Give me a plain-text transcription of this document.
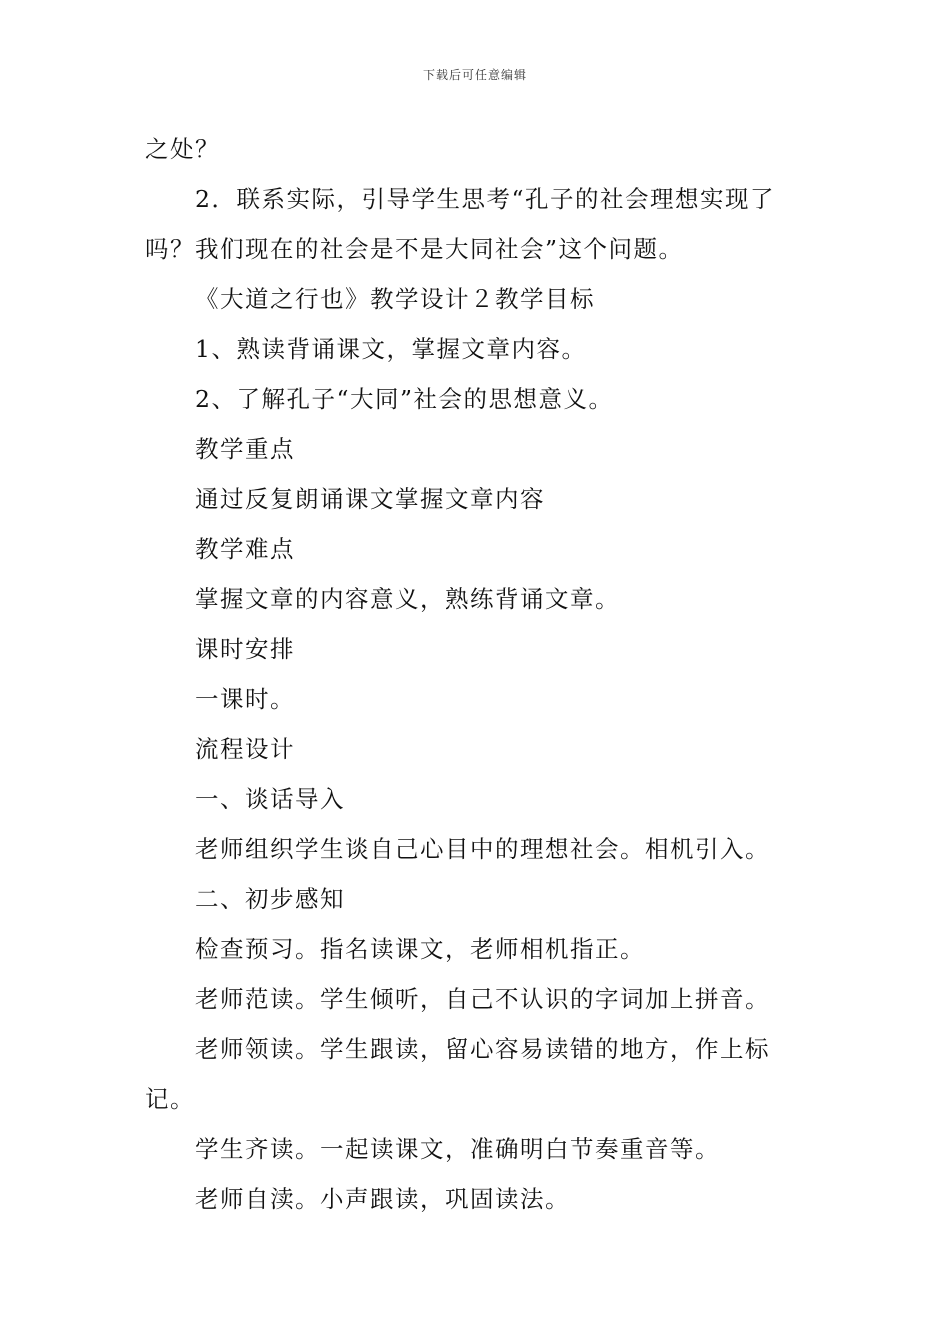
下载后可任意编辑

之处？

2．联系实际，引导学生思考“孔子的社会理想实现了吗？我们现在的社会是不是大同社会”这个问题。

《大道之行也》教学设计２教学目标

1、熟读背诵课文，掌握文章内容。

2、了解孔子“大同”社会的思想意义。

教学重点

通过反复朗诵课文掌握文章内容

教学难点

掌握文章的内容意义，熟练背诵文章。

课时安排

一课时。

流程设计

一、谈话导入

老师组织学生谈自己心目中的理想社会。相机引入。

二、初步感知

检查预习。指名读课文，老师相机指正。

老师范读。学生倾听，自己不认识的字词加上拼音。

老师领读。学生跟读，留心容易读错的地方，作上标记。

学生齐读。一起读课文，准确明白节奏重音等。

老师自渎。小声跟读，巩固读法。
